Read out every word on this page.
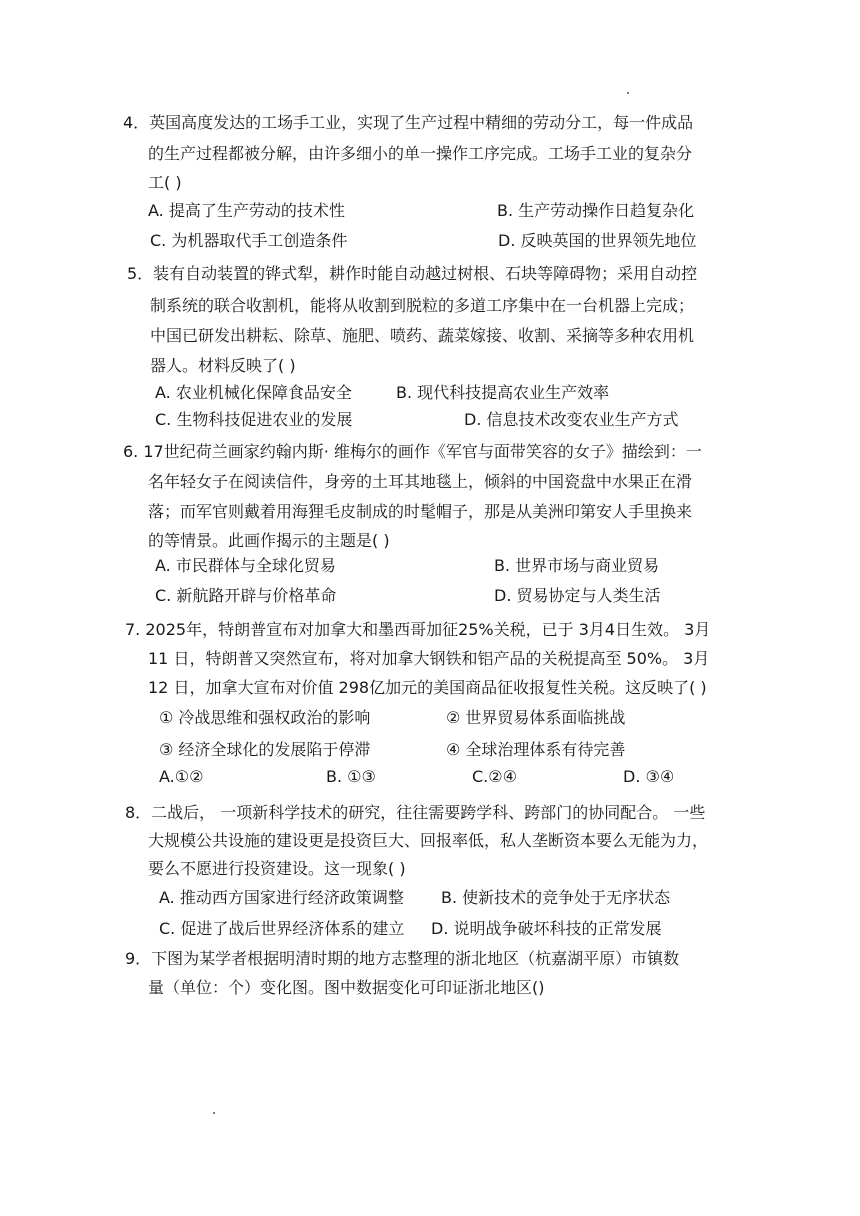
4．英国高度发达的工场手工业，实现了生产过程中精细的劳动分工，每一件成品
的生产过程都被分解，由许多细小的单一操作工序完成。工场手工业的复杂分
工( )
A. 提高了生产劳动的技术性	B. 生产劳动操作日趋复杂化
C. 为机器取代手工创造条件	D. 反映英国的世界领先地位
5．装有自动装置的铧式犁，耕作时能自动越过树根、石块等障碍物；采用自动控
制系统的联合收割机，能将从收割到脱粒的多道工序集中在一台机器上完成；
中国已研发出耕耘、除草、施肥、喷药、蔬菜嫁接、收割、采摘等多种农用机
器人。材料反映了( )
A. 农业机械化保障食品安全	B. 现代科技提高农业生产效率
C. 生物科技促进农业的发展	D. 信息技术改变农业生产方式
6. 17世纪荷兰画家约翰内斯· 维梅尔的画作《军官与面带笑容的女子》描绘到：一
名年轻女子在阅读信件，身旁的土耳其地毯上，倾斜的中国瓷盘中水果正在滑
落；而军官则戴着用海狸毛皮制成的时髦帽子，那是从美洲印第安人手里换来
的等情景。此画作揭示的主题是( )
A. 市民群体与全球化贸易	B. 世界市场与商业贸易
C. 新航路开辟与价格革命	D. 贸易协定与人类生活
7. 2025年，特朗普宣布对加拿大和墨西哥加征25%关税，已于 3月4日生效。 3月
11 日，特朗普又突然宣布，将对加拿大钢铁和铝产品的关税提高至 50%。 3月
12 日，加拿大宣布对价值 298亿加元的美国商品征收报复性关税。这反映了( )
① 冷战思维和强权政治的影响	② 世界贸易体系面临挑战
③ 经济全球化的发展陷于停滞	④ 全球治理体系有待完善
A.①②	B. ①③	C.②④	D. ③④
8．二战后， 一项新科学技术的研究，往往需要跨学科、跨部门的协同配合。 一些
大规模公共设施的建设更是投资巨大、回报率低，私人垄断资本要么无能为力，
要么不愿进行投资建设。这一现象( )
A. 推动西方国家进行经济政策调整 B. 使新技术的竞争处于无序状态
C. 促进了战后世界经济体系的建立 D. 说明战争破坏科技的正常发展
9．下图为某学者根据明清时期的地方志整理的浙北地区（杭嘉湖平原）市镇数
量（单位：个）变化图。图中数据变化可印证浙北地区()
